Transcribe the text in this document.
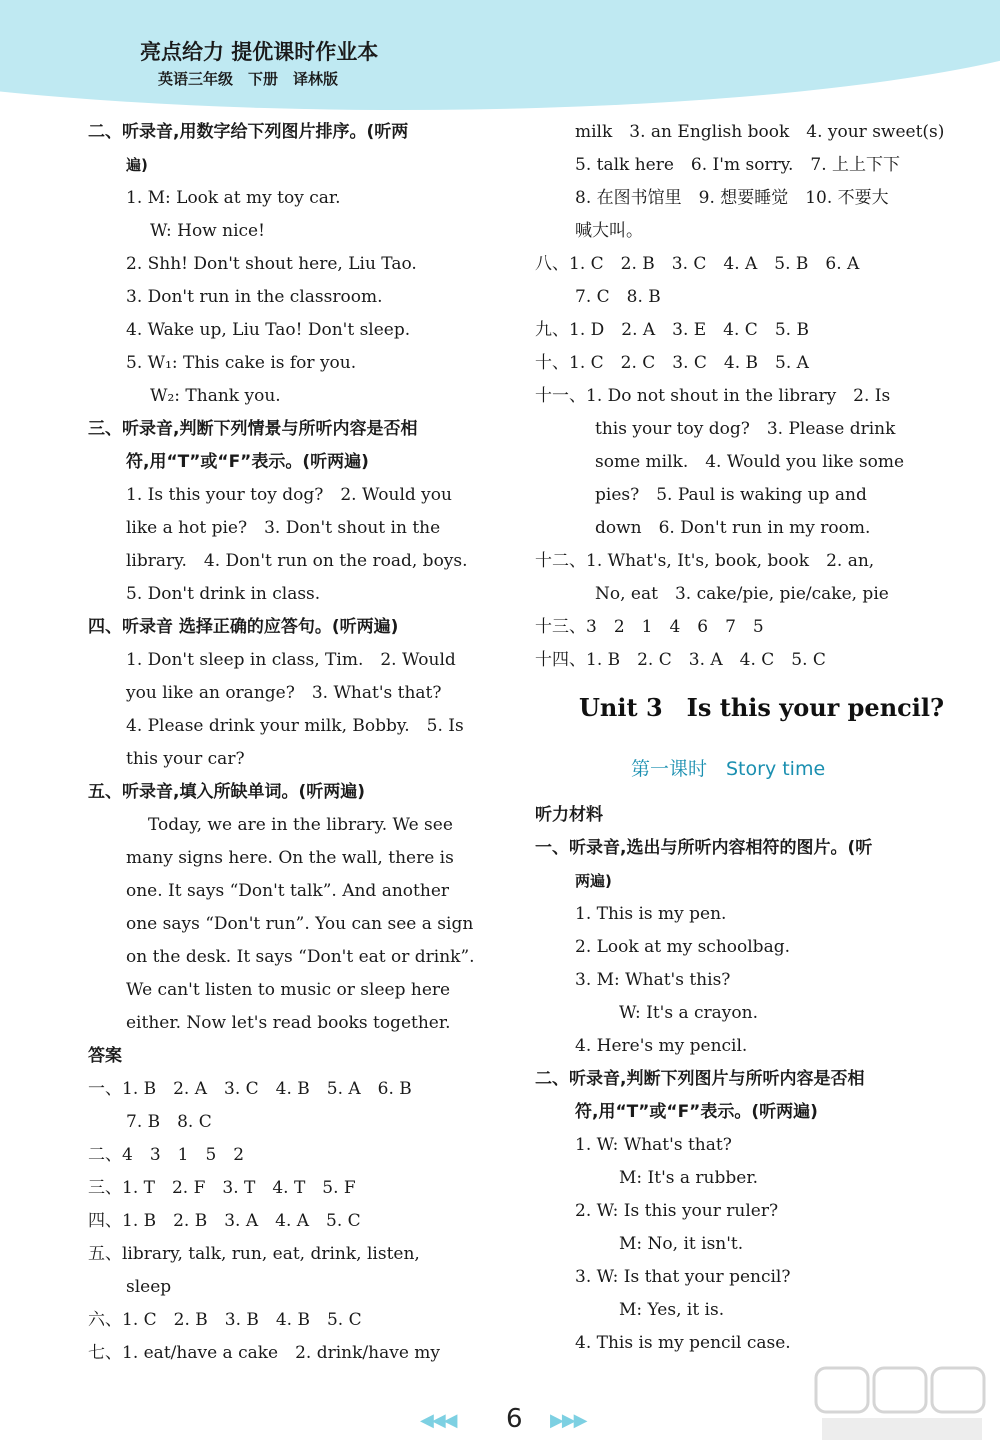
亮点给力 提优课时作业本
英语三年级　下册　译林版
二、听录音,用数字给下列图片排序。(听两
遍)
1. M: Look at my toy car.
W: How nice!
2. Shh! Don't shout here, Liu Tao.
3. Don't run in the classroom.
4. Wake up, Liu Tao! Don't sleep.
5. W₁: This cake is for you.
W₂: Thank you.
三、听录音,判断下列情景与所听内容是否相
符,用“T”或“F”表示。(听两遍)
1. Is this your toy dog?　2. Would you
like a hot pie?　3. Don't shout in the
library.　4. Don't run on the road, boys.
5. Don't drink in class.
四、听录音 选择正确的应答句。(听两遍)
1. Don't sleep in class, Tim.　2. Would
you like an orange?　3. What's that?
4. Please drink your milk, Bobby.　5. Is
this your car?
五、听录音,填入所缺单词。(听两遍)
Today, we are in the library. We see
many signs here. On the wall, there is
one. It says “Don't talk”. And another
one says “Don't run”. You can see a sign
on the desk. It says “Don't eat or drink”.
We can't listen to music or sleep here
either. Now let's read books together.
答案
一、1. B　2. A　3. C　4. B　5. A　6. B
7. B　8. C
二、4　3　1　5　2
三、1. T　2. F　3. T　4. T　5. F
四、1. B　2. B　3. A　4. A　5. C
五、library, talk, run, eat, drink, listen,
sleep
六、1. C　2. B　3. B　4. B　5. C
七、1. eat/have a cake　2. drink/have my
milk　3. an English book　4. your sweet(s)
5. talk here　6. I'm sorry.　7. 上上下下
8. 在图书馆里　9. 想要睡觉　10. 不要大
喊大叫。
八、1. C　2. B　3. C　4. A　5. B　6. A
7. C　8. B
九、1. D　2. A　3. E　4. C　5. B
十、1. C　2. C　3. C　4. B　5. A
十一、1. Do not shout in the library　2. Is
this your toy dog?　3. Please drink
some milk.　4. Would you like some
pies?　5. Paul is waking up and
down　6. Don't run in my room.
十二、1. What's, It's, book, book　2. an,
No, eat　3. cake/pie, pie/cake, pie
十三、3　2　1　4　6　7　5
十四、1. B　2. C　3. A　4. C　5. C
Unit 3　Is this your pencil?
第一课时　Story time
听力材料
一、听录音,选出与所听内容相符的图片。(听
两遍)
1. This is my pen.
2. Look at my schoolbag.
3. M: What's this?
W: It's a crayon.
4. Here's my pencil.
二、听录音,判断下列图片与所听内容是否相
符,用“T”或“F”表示。(听两遍)
1. W: What's that?
M: It's a rubber.
2. W: Is this your ruler?
M: No, it isn't.
3. W: Is that your pencil?
M: Yes, it is.
4. This is my pencil case.
◀◀◀ 6 ▶▶▶
